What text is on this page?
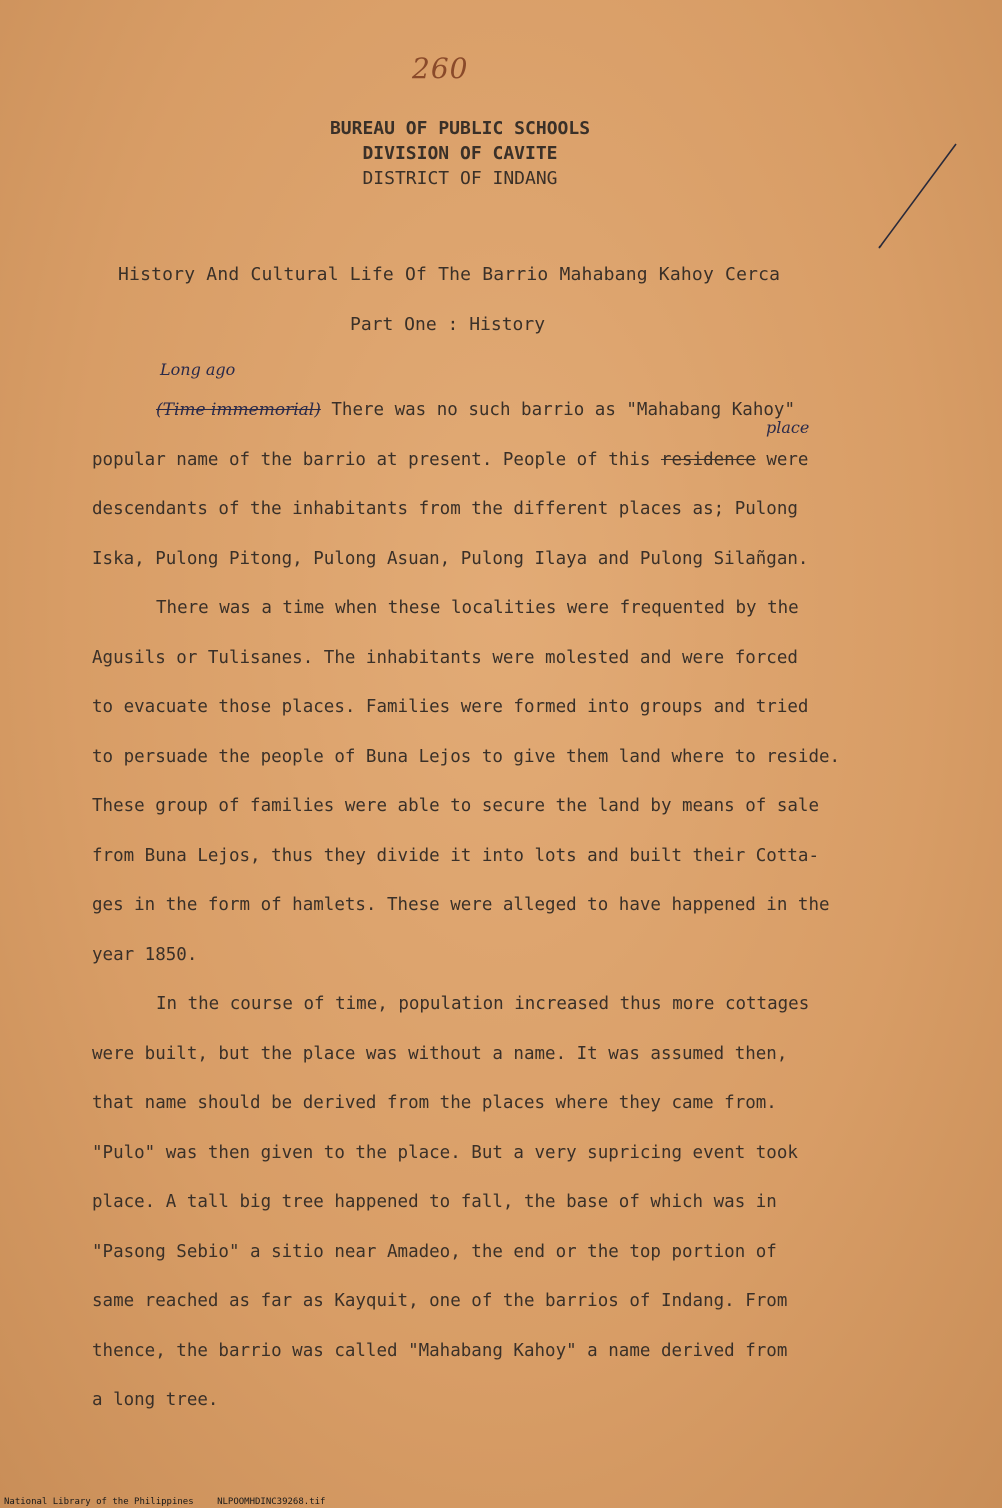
260
BUREAU OF PUBLIC SCHOOLS
DIVISION OF CAVITE
DISTRICT OF INDANG
History And Cultural Life Of The Barrio Mahabang Kahoy Cerca
Part One : History
Long ago
place
(Time immemorial) There was no such barrio as "Mahabang Kahoy"
popular name of the barrio at present. People of this residence were
descendants of the inhabitants from the different places as; Pulong
Iska, Pulong Pitong, Pulong Asuan, Pulong Ilaya and Pulong Silañgan.
There was a time when these localities were frequented by the
Agusils or Tulisanes. The inhabitants were molested and were forced
to evacuate those places. Families were formed into groups and tried
to persuade the people of Buna Lejos to give them land where to reside.
These group of families were able to secure the land by means of sale
from Buna Lejos, thus they divide it into lots and built their Cotta-
ges in the form of hamlets. These were alleged to have happened in the
year 1850.
In the course of time, population increased thus more cottages
were built, but the place was without a name. It was assumed then,
that name should be derived from the places where they came from.
"Pulo" was then given to the place. But a very supricing event took
place. A tall big tree happened to fall, the base of which was in
"Pasong Sebio" a sitio near Amadeo, the end or the top portion of
same reached as far as Kayquit, one of the barrios of Indang. From
thence, the barrio was called "Mahabang Kahoy" a name derived from
a long tree.
National Library of the Philippines	NLPOOMHDINC39268.tif
